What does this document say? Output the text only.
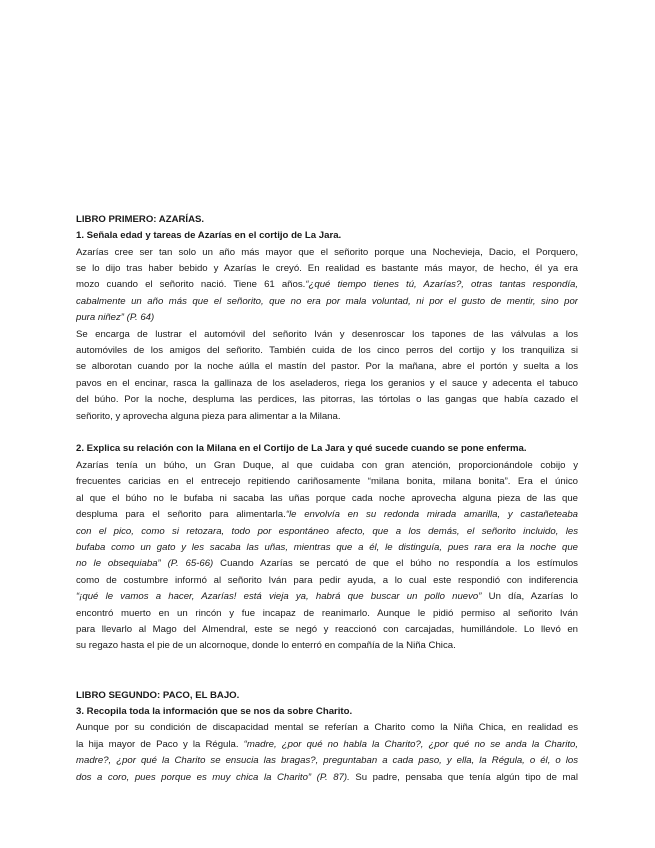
LIBRO PRIMERO: AZARÍAS.
1. Señala edad y tareas de Azarías en el cortijo de La Jara.
Azarías cree ser tan solo un año más mayor que el señorito porque una Nochevieja, Dacio, el Porquero,
se lo dijo tras haber bebido y Azarías le creyó. En realidad es bastante más mayor, de hecho, él ya era
mozo cuando el señorito nació. Tiene 61 años.“¿qué tiempo tienes tú, Azarías?, otras tantas respondía,
cabalmente un año más que el señorito, que no era por mala voluntad, ni por el gusto de mentir, sino por
pura niñez” (P. 64)
Se encarga de lustrar el automóvil del señorito Iván y desenroscar los tapones de las válvulas a los
automóviles de los amigos del señorito. También cuida de los cinco perros del cortijo y los tranquiliza si
se alborotan cuando por la noche aúlla el mastín del pastor. Por la mañana, abre el portón y suelta a los
pavos en el encinar, rasca la gallinaza de los aseladeros, riega los geranios y el sauce y adecenta el tabuco
del búho. Por la noche, despluma las perdices, las pitorras, las tórtolas o las gangas que había cazado el
señorito, y aprovecha alguna pieza para alimentar a la Milana.
2. Explica su relación con la Milana en el Cortijo de La Jara y qué sucede cuando se pone enferma.
Azarías tenía un búho, un Gran Duque, al que cuidaba con gran atención, proporcionándole cobijo y
frecuentes caricias en el entrecejo repitiendo cariñosamente “milana bonita, milana bonita”. Era el único
al que el búho no le bufaba ni sacaba las uñas porque cada noche aprovecha alguna pieza de las que
despluma para el señorito para alimentarla.“le envolvía en su redonda mirada amarilla, y castañeteaba
con el pico, como si retozara, todo por espontáneo afecto, que a los demás, el señorito incluido, les
bufaba como un gato y les sacaba las uñas, mientras que a él, le distinguía, pues rara era la noche que
no le obsequiaba” (P. 65-66) Cuando Azarías se percató de que el búho no respondía a los estímulos
como de costumbre informó al señorito Iván para pedir ayuda, a lo cual este respondió con indiferencia
“¡qué le vamos a hacer, Azarías! está vieja ya, habrá que buscar un pollo nuevo” Un día, Azarías lo
encontró muerto en un rincón y fue incapaz de reanimarlo. Aunque le pidió permiso al señorito Iván
para llevarlo al Mago del Almendral, este se negó y reaccionó con carcajadas, humillándole. Lo llevó en
su regazo hasta el pie de un alcornoque, donde lo enterró en compañía de la Niña Chica.
LIBRO SEGUNDO: PACO, EL BAJO.
3. Recopila toda la información que se nos da sobre Charito.
Aunque por su condición de discapacidad mental se referían a Charito como la Niña Chica, en realidad es
la hija mayor de Paco y la Régula. “madre, ¿por qué no habla la Charito?, ¿por qué no se anda la Charito,
madre?, ¿por qué la Charito se ensucia las bragas?, preguntaban a cada paso, y ella, la Régula, o él, o los
dos a coro, pues porque es muy chica la Charito” (P. 87). Su padre, pensaba que tenía algún tipo de mal
